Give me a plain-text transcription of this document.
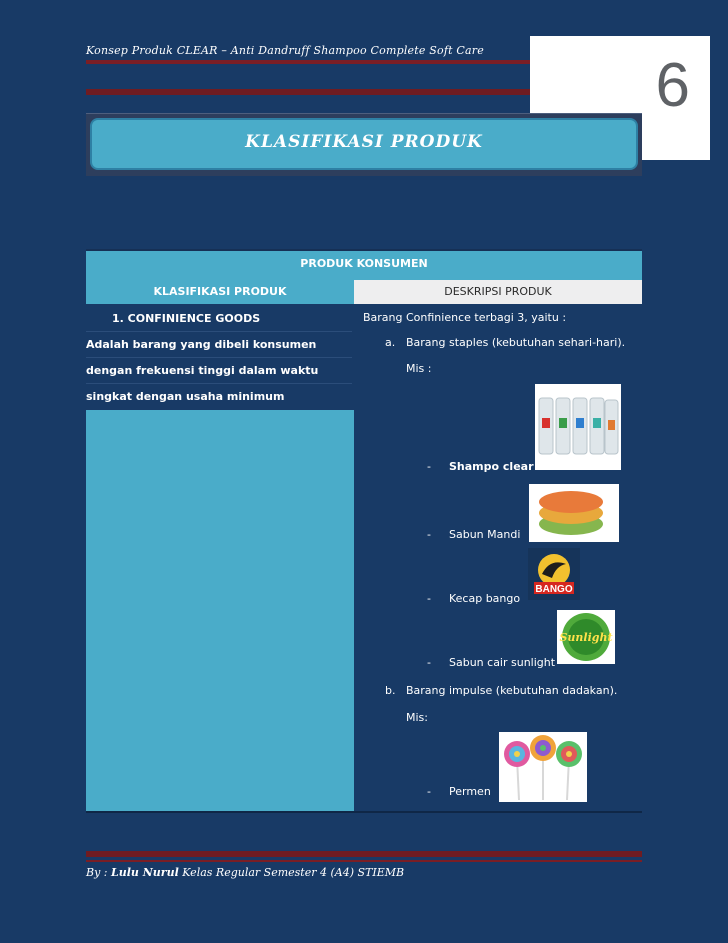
Konsep Produk CLEAR – Anti Dandruff Shampoo Complete Soft Care
6
KLASIFIKASI PRODUK
PRODUK KONSUMEN
KLASIFIKASI PRODUK	DESKRIPSI PRODUK
1. CONFINIENCE GOODS
Adalah barang yang dibeli konsumen
dengan frekuensi tinggi dalam waktu
singkat dengan usaha minimum
Barang Confinience terbagi 3, yaitu :
a. Barang staples (kebutuhan sehari-hari).
Mis :
- Shampo clear
- Sabun Mandi
BANGO
- Kecap bango
Sunlight
- Sabun cair sunlight
b. Barang impulse (kebutuhan dadakan).
Mis:
- Permen
By : Lulu Nurul Kelas Regular Semester 4 (A4) STIEMB
